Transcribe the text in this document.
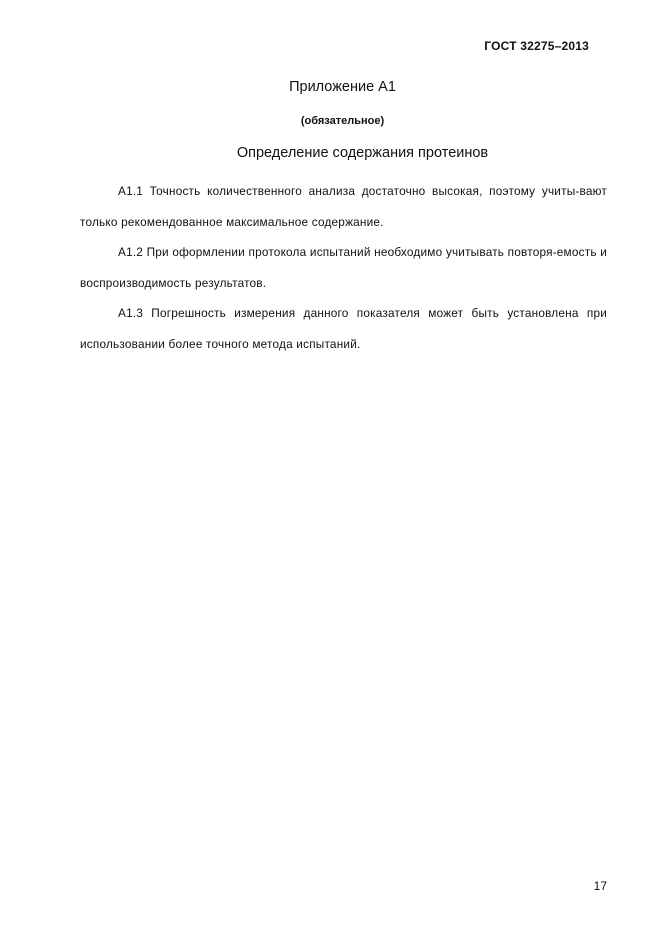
ГОСТ 32275–2013
Приложение А1
(обязательное)
Определение содержания протеинов

А1.1 Точность количественного анализа достаточно высокая, поэтому учиты-вают только рекомендованное максимальное содержание.

А1.2 При оформлении протокола испытаний необходимо учитывать повторя-емость и воспроизводимость результатов.

А1.3 Погрешность измерения данного показателя может быть установлена при использовании более точного метода испытаний.

17
